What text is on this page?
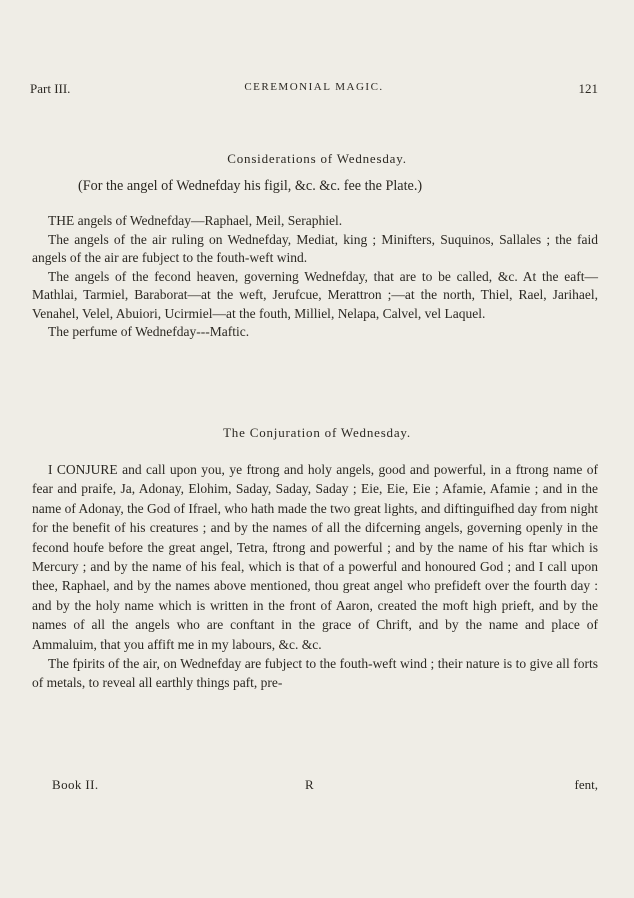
Part III.	CEREMONIAL MAGIC.	121
Considerations of Wednesday.
(For the angel of Wednefday his figil, &c. &c. fee the Plate.)

THE angels of Wednefday—Raphael, Meil, Seraphiel.

The angels of the air ruling on Wednefday, Mediat, king ; Minifters, Suquinos, Sallales ; the faid angels of the air are fubject to the fouth-weft wind.

The angels of the fecond heaven, governing Wednefday, that are to be called, &c. At the eaft—Mathlai, Tarmiel, Baraborat—at the weft, Jerufcue, Merattron ;—at the north, Thiel, Rael, Jarihael, Venahel, Velel, Abuiori, Ucirmiel—at the fouth, Milliel, Nelapa, Calvel, vel Laquel.

The perfume of Wednefday---Maftic.

The Conjuration of Wednesday.

I CONJURE and call upon you, ye ftrong and holy angels, good and powerful, in a ftrong name of fear and praife, Ja, Adonay, Elohim, Saday, Saday, Saday ; Eie, Eie, Eie ; Afamie, Afamie ; and in the name of Adonay, the God of Ifrael, who hath made the two great lights, and diftinguifhed day from night for the benefit of his creatures ; and by the names of all the difcerning angels, governing openly in the fecond houfe before the great angel, Tetra, ftrong and powerful ; and by the name of his ftar which is Mercury ; and by the name of his feal, which is that of a powerful and honoured God ; and I call upon thee, Raphael, and by the names above mentioned, thou great angel who prefideft over the fourth day : and by the holy name which is written in the front of Aaron, created the moft high prieft, and by the names of all the angels who are conftant in the grace of Chrift, and by the name and place of Ammaluim, that you affift me in my labours, &c. &c.

The fpirits of the air, on Wednefday are fubject to the fouth-weft wind ; their nature is to give all forts of metals, to reveal all earthly things paft, pre-

Book II.	R	fent,
